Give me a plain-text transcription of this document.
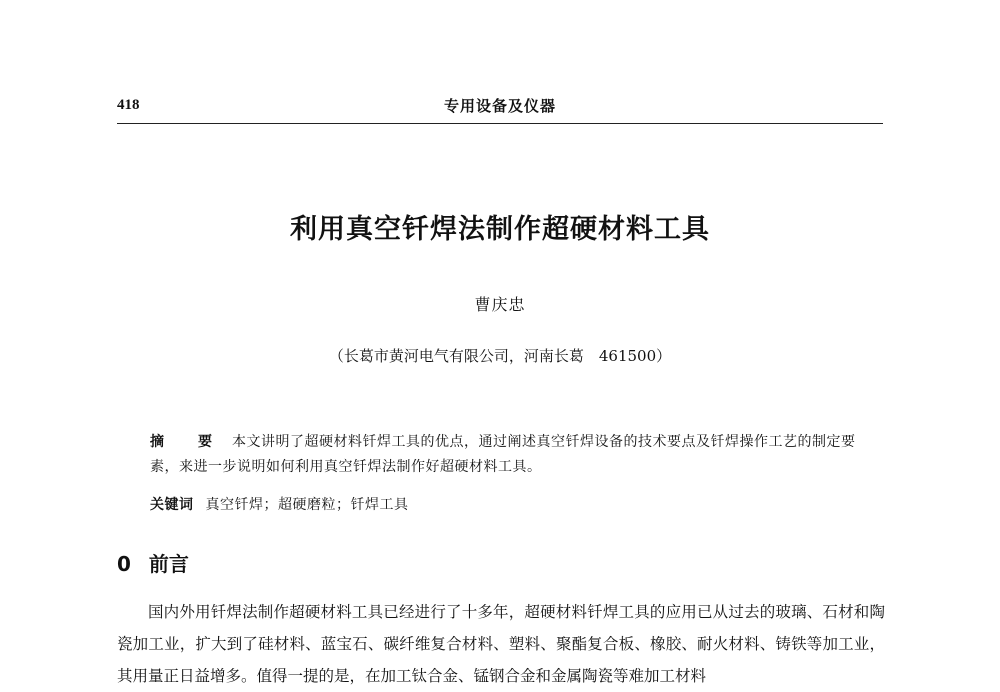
418	专用设备及仪器
利用真空钎焊法制作超硬材料工具
曹庆忠
（长葛市黄河电气有限公司，河南长葛　461500）
摘　要 本文讲明了超硬材料钎焊工具的优点，通过阐述真空钎焊设备的技术要点及钎焊操作工艺的制定要素，来进一步说明如何利用真空钎焊法制作好超硬材料工具。
关键词 真空钎焊；超硬磨粒；钎焊工具
0 前言

国内外用钎焊法制作超硬材料工具已经进行了十多年，超硬材料钎焊工具的应用已从过去的玻璃、石材和陶瓷加工业，扩大到了硅材料、蓝宝石、碳纤维复合材料、塑料、聚酯复合板、橡胶、耐火材料、铸铁等加工业，其用量正日益增多。值得一提的是，在加工钛合金、锰钢合金和金属陶瓷等难加工材料
